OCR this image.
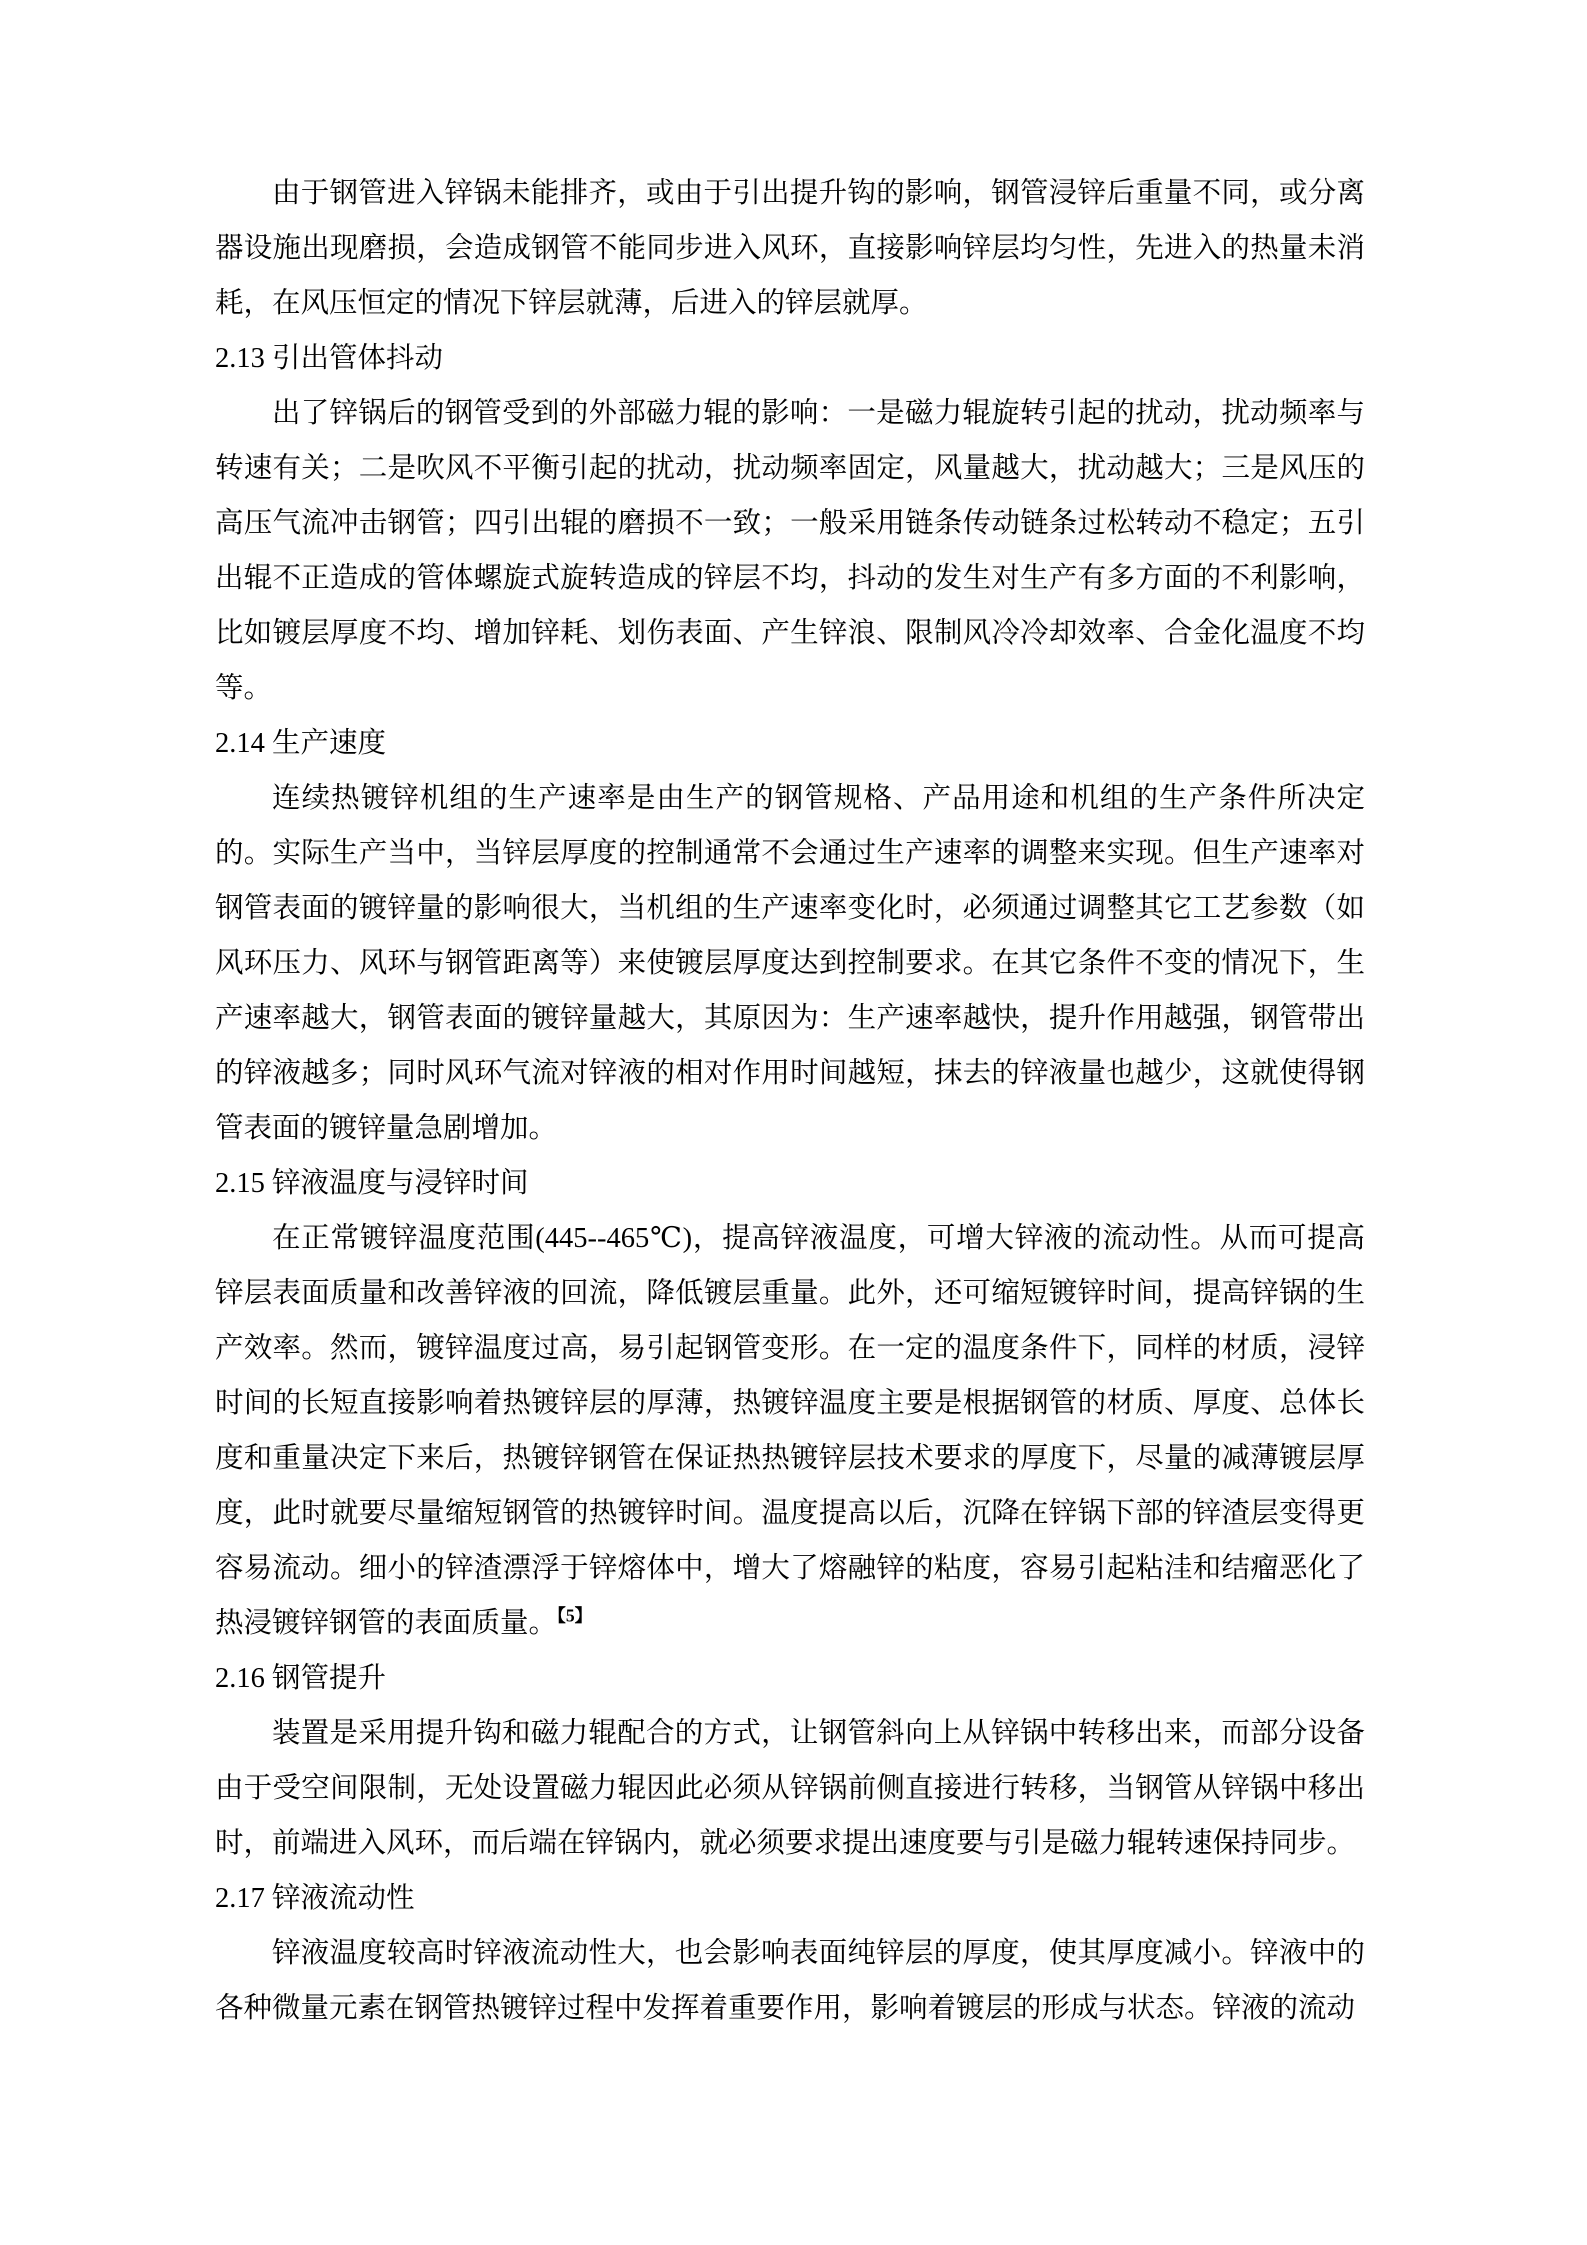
由于钢管进入锌锅未能排齐，或由于引出提升钩的影响，钢管浸锌后重量不同，或分离器设施出现磨损，会造成钢管不能同步进入风环，直接影响锌层均匀性，先进入的热量未消耗，在风压恒定的情况下锌层就薄，后进入的锌层就厚。
2.13 引出管体抖动
出了锌锅后的钢管受到的外部磁力辊的影响：一是磁力辊旋转引起的扰动，扰动频率与转速有关；二是吹风不平衡引起的扰动，扰动频率固定，风量越大，扰动越大；三是风压的高压气流冲击钢管；四引出辊的磨损不一致；一般采用链条传动链条过松转动不稳定；五引出辊不正造成的管体螺旋式旋转造成的锌层不均，抖动的发生对生产有多方面的不利影响，比如镀层厚度不均、增加锌耗、划伤表面、产生锌浪、限制风冷冷却效率、合金化温度不均等。
2.14 生产速度
连续热镀锌机组的生产速率是由生产的钢管规格、产品用途和机组的生产条件所决定的。实际生产当中，当锌层厚度的控制通常不会通过生产速率的调整来实现。但生产速率对钢管表面的镀锌量的影响很大，当机组的生产速率变化时，必须通过调整其它工艺参数（如风环压力、风环与钢管距离等）来使镀层厚度达到控制要求。在其它条件不变的情况下，生产速率越大，钢管表面的镀锌量越大，其原因为：生产速率越快，提升作用越强，钢管带出的锌液越多；同时风环气流对锌液的相对作用时间越短，抹去的锌液量也越少，这就使得钢管表面的镀锌量急剧增加。
2.15 锌液温度与浸锌时间
在正常镀锌温度范围(445--465℃)，提高锌液温度，可增大锌液的流动性。从而可提高锌层表面质量和改善锌液的回流，降低镀层重量。此外，还可缩短镀锌时间，提高锌锅的生产效率。然而，镀锌温度过高，易引起钢管变形。在一定的温度条件下，同样的材质，浸锌时间的长短直接影响着热镀锌层的厚薄，热镀锌温度主要是根据钢管的材质、厚度、总体长度和重量决定下来后，热镀锌钢管在保证热热镀锌层技术要求的厚度下，尽量的减薄镀层厚度，此时就要尽量缩短钢管的热镀锌时间。温度提高以后，沉降在锌锅下部的锌渣层变得更容易流动。细小的锌渣漂浮于锌熔体中，增大了熔融锌的粘度，容易引起粘洼和结瘤恶化了热浸镀锌钢管的表面质量。$^{【5】}$
2.16 钢管提升
装置是采用提升钩和磁力辊配合的方式，让钢管斜向上从锌锅中转移出来，而部分设备由于受空间限制，无处设置磁力辊因此必须从锌锅前侧直接进行转移，当钢管从锌锅中移出时，前端进入风环，而后端在锌锅内，就必须要求提出速度要与引是磁力辊转速保持同步。
2.17 锌液流动性
锌液温度较高时锌液流动性大，也会影响表面纯锌层的厚度，使其厚度减小。锌液中的各种微量元素在钢管热镀锌过程中发挥着重要作用，影响着镀层的形成与状态。锌液的流动
